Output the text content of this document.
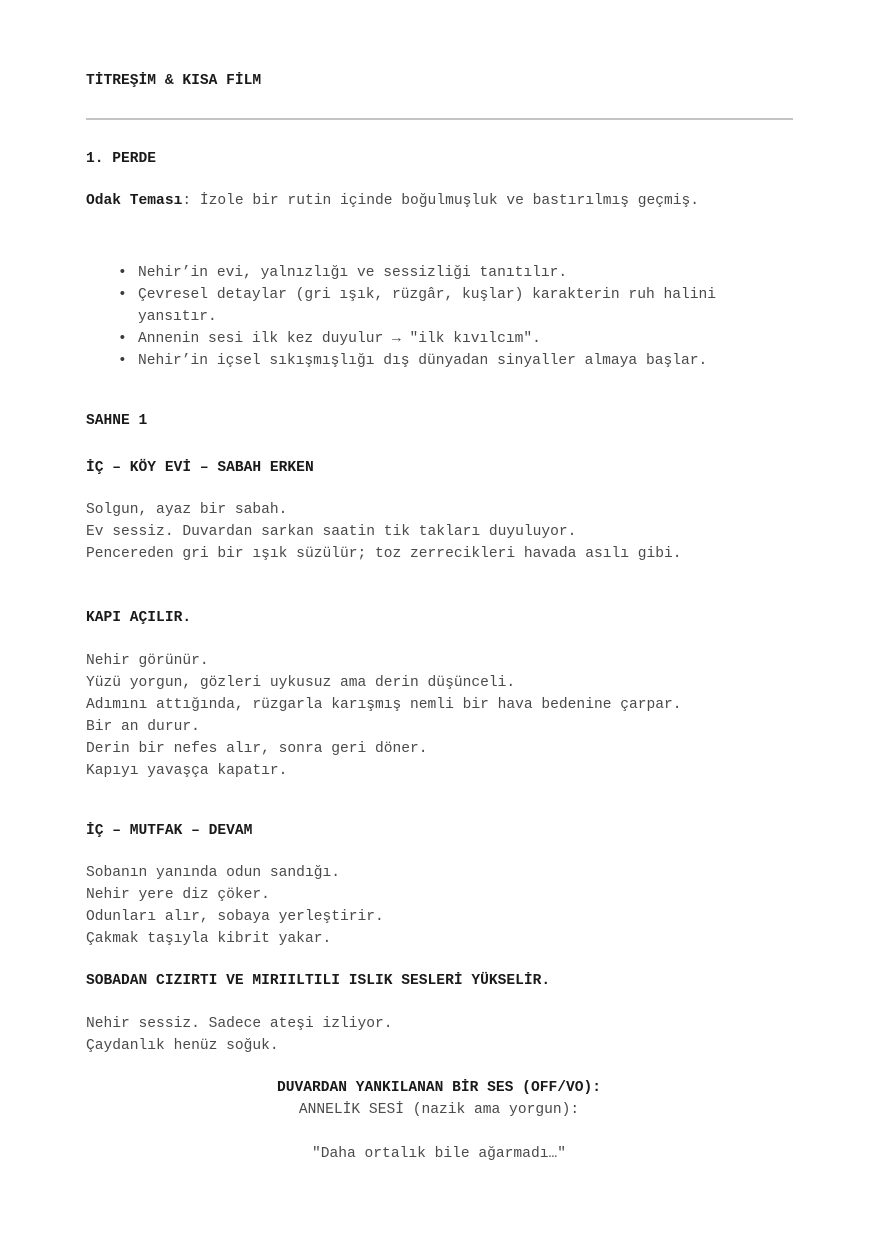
TİTREŞİM & KISA FİLM
1. PERDE
Odak Teması: İzole bir rutin içinde boğulmuşluk ve bastırılmış geçmiş.
• Nehir’in evi, yalnızlığı ve sessizliği tanıtılır.
• Çevresel detaylar (gri ışık, rüzgâr, kuşlar) karakterin ruh halini yansıtır.
• Annenin sesi ilk kez duyulur → "ilk kıvılcım".
• Nehir’in içsel sıkışmışlığı dış dünyadan sinyaller almaya başlar.
SAHNE 1
İÇ – KÖY EVİ – SABAH ERKEN
Solgun, ayaz bir sabah.
Ev sessiz. Duvardan sarkan saatin tik takları duyuluyor.
Pencereden gri bir ışık süzülür; toz zerrecikleri havada asılı gibi.
KAPI AÇILIR.
Nehir görünür.
Yüzü yorgun, gözleri uykusuz ama derin düşünceli.
Adımını attığında, rüzgarla karışmış nemli bir hava bedenine çarpar.
Bir an durur.
Derin bir nefes alır, sonra geri döner.
Kapıyı yavaşça kapatır.
İÇ – MUTFAK – DEVAM
Sobanın yanında odun sandığı.
Nehir yere diz çöker.
Odunları alır, sobaya yerleştirir.
Çakmak taşıyla kibrit yakar.
SOBADAN CIZIRTI VE MIRIILTILI ISLIK SESLERİ YÜKSELİR.
Nehir sessiz. Sadece ateşi izliyor.
Çaydanlık henüz soğuk.
DUVARDAN YANKILANAN BİR SES (OFF/VO):
ANNELİK SESİ (nazik ama yorgun):
"Daha ortalık bile ağarmadı…"
